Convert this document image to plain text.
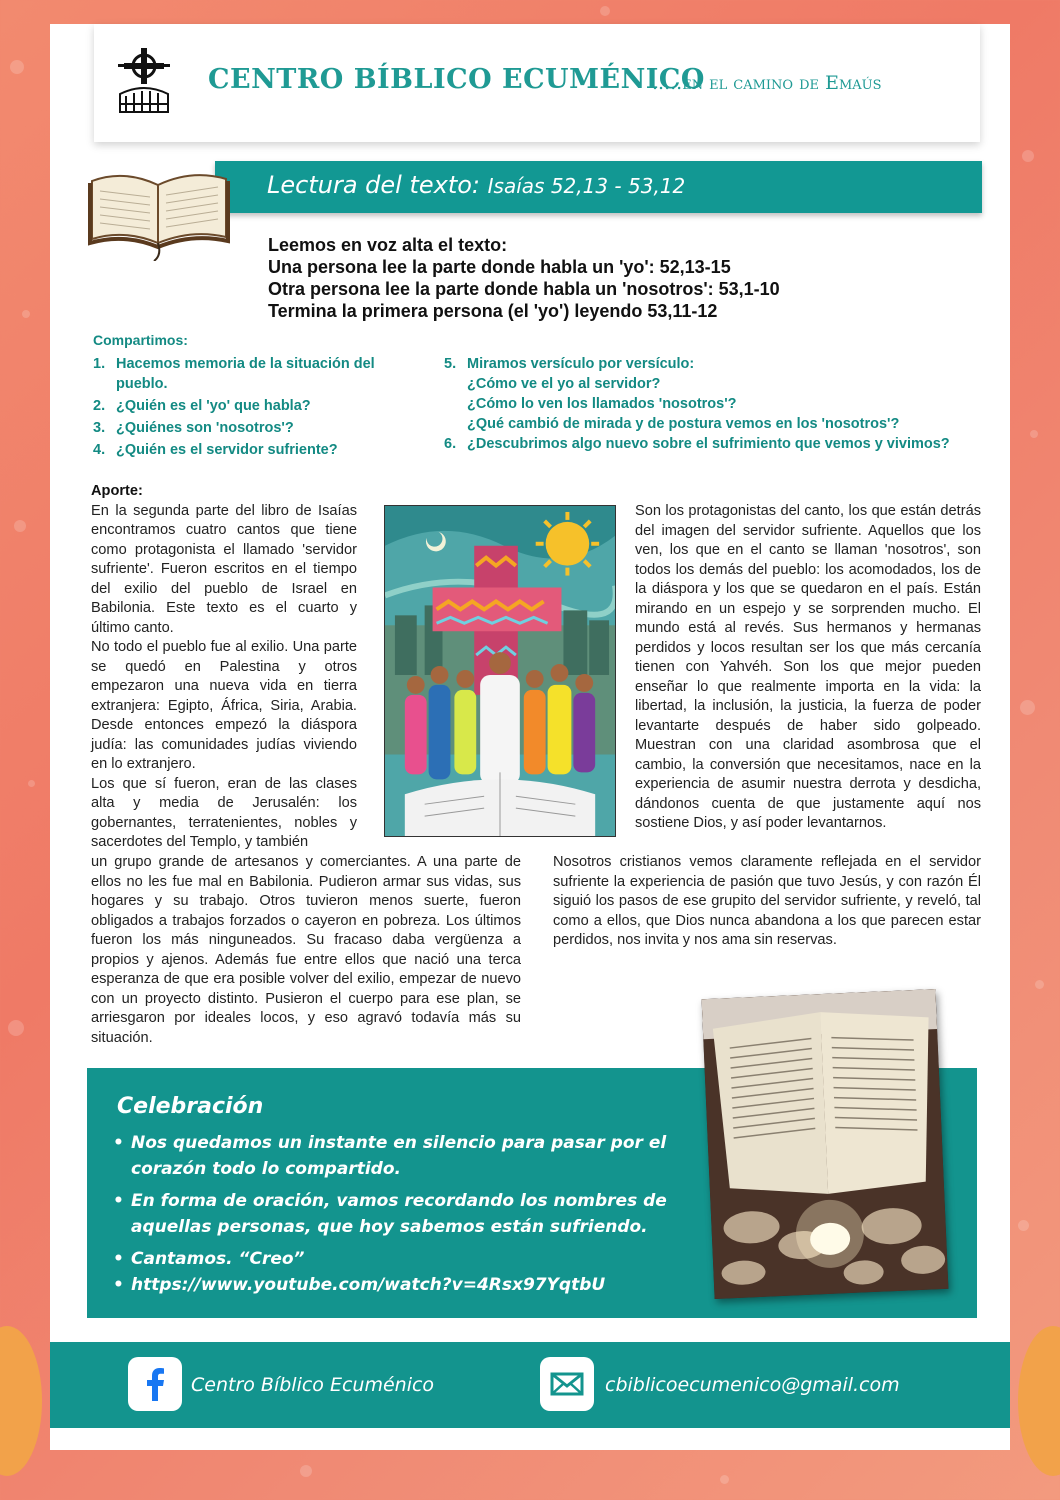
CENTRO BÍBLICO ECUMÉNICO
.....en el camino de Emaús
Lectura del texto: Isaías 52,13 - 53,12
Leemos en voz alta el texto:
Una persona lee la parte donde habla un 'yo': 52,13-15
Otra persona lee la parte donde habla un 'nosotros': 53,1-10
Termina la primera persona (el 'yo') leyendo 53,11-12
Compartimos:
1. Hacemos memoria de la situación del pueblo.
2. ¿Quién es el 'yo' que habla?
3. ¿Quiénes son 'nosotros'?
4. ¿Quién es el servidor sufriente?
5. Miramos versículo por versículo:
¿Cómo ve el yo al servidor?
¿Cómo lo ven los llamados 'nosotros'?
¿Qué cambió de mirada y de postura vemos en los 'nosotros'?
6. ¿Descubrimos algo nuevo sobre el sufrimiento que vemos y vivimos?
Aporte:

En la segunda parte del libro de Isaías encontramos cuatro cantos que tiene como protagonista el llamado 'servidor sufriente'. Fueron escritos en el tiempo del exilio del pueblo de Israel en Babilonia. Este texto es el cuarto y último canto.

No todo el pueblo fue al exilio. Una parte se quedó en Palestina y otros empezaron una nueva vida en tierra extranjera: Egipto, África, Siria, Arabia. Desde entonces empezó la diáspora judía: las comunidades judías viviendo en lo extranjero.

Los que sí fueron, eran de las clases alta y media de Jerusalén: los gobernantes, terratenientes, nobles y sacerdotes del Templo, y también

un grupo grande de artesanos y comerciantes. A una parte de ellos no les fue mal en Babilonia. Pudieron armar sus vidas, sus hogares y su trabajo. Otros tuvieron menos suerte, fueron obligados a trabajos forzados o cayeron en pobreza. Los últimos fueron los más ninguneados. Su fracaso daba vergüenza a propios y ajenos. Además fue entre ellos que nació una terca esperanza de que era posible volver del exilio, empezar de nuevo con un proyecto distinto. Pusieron el cuerpo para ese plan, se arriesgaron por ideales locos, y eso agravó todavía más su situación.
Son los protagonistas del canto, los que están detrás del imagen del servidor sufriente. Aquellos que los ven, los que en el canto se llaman 'nosotros', son todos los demás del pueblo: los acomodados, los de la diáspora y los que se quedaron en el país. Están mirando en un espejo y se sorprenden mucho. El mundo está al revés. Sus hermanos y hermanas perdidos y locos resultan ser los que más cercanía tienen con Yahvéh. Son los que mejor pueden enseñar lo que realmente importa en la vida: la libertad, la inclusión, la justicia, la fuerza de poder levantarte después de haber sido golpeado. Muestran con una claridad asombrosa que el cambio, la conversión que necesitamos, nace en la experiencia de asumir nuestra derrota y desdicha, dándonos cuenta de que justamente aquí nos sostiene Dios, y así poder levantarnos.
Nosotros cristianos vemos claramente reflejada en el servidor sufriente la experiencia de pasión que tuvo Jesús, y con razón Él siguió los pasos de ese grupito del servidor sufriente, y reveló, tal como a ellos, que Dios nunca abandona a los que parecen estar perdidos, nos invita y nos ama sin reservas.
Celebración
• Nos quedamos un instante en silencio para pasar por el corazón todo lo compartido.
• En forma de oración, vamos recordando los nombres de aquellas personas, que hoy sabemos están sufriendo.
• Cantamos. “Creo”
• https://www.youtube.com/watch?v=4Rsx97YqtbU
Centro Bíblico Ecuménico	cbiblicoecumenico@gmail.com
